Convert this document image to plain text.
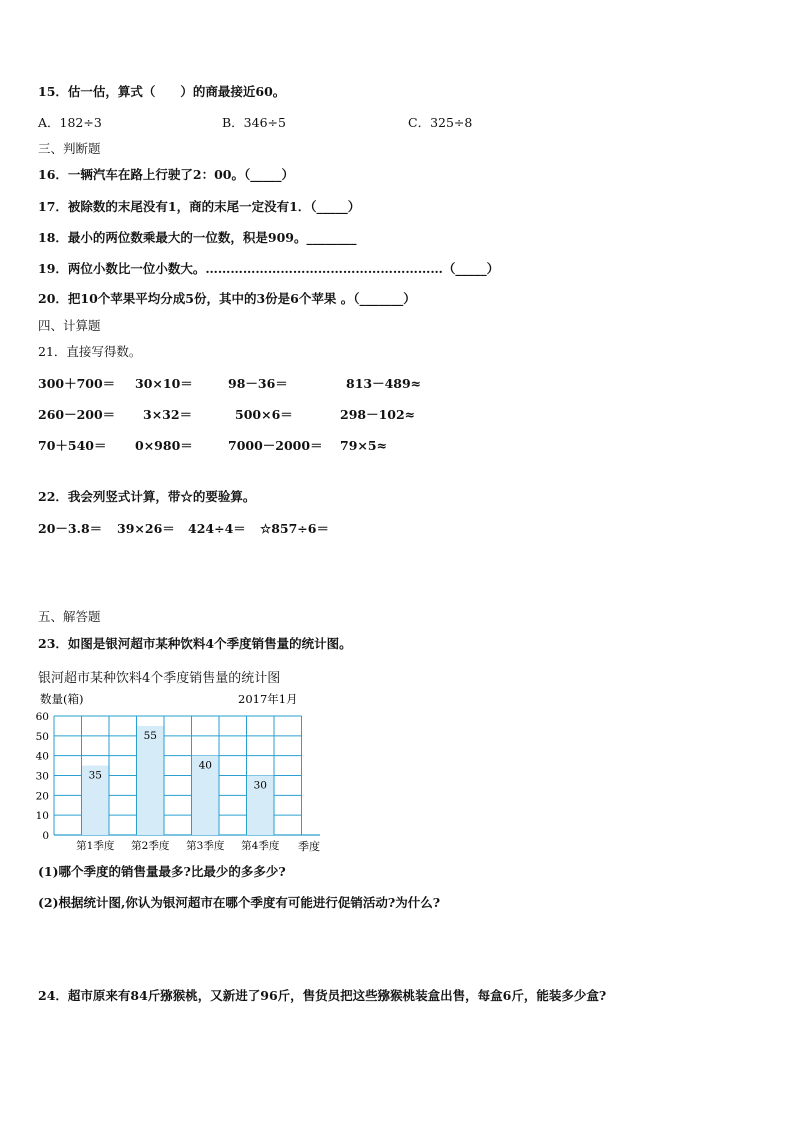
15．估一估，算式（　　）的商最接近60。
A．182÷3	B．346÷5	C．325÷8
三、判断题
16．一辆汽车在路上行驶了2：00。（_____）
17．被除数的末尾没有1，商的末尾一定没有1．（_____）
18．最小的两位数乘最大的一位数，积是909。________
19．两位小数比一位小数大。…………………………………………………（_____）
20．把10个苹果平均分成5份，其中的3份是6个苹果 。（_______）
四、计算题
21．直接写得数。
300＋700＝ 30×10＝	98－36＝	813－489≈
260－200＝ 3×32＝	500×6＝	298－102≈
70＋540＝ 0×980＝	7000－2000＝ 79×5≈
22．我会列竖式计算，带☆的要验算。
20－3.8＝ 39×26＝ 424÷4＝ ☆857÷6＝
五、解答题
23．如图是银河超市某种饮料4个季度销售量的统计图。
银河超市某种饮料4个季度销售量的统计图
数量(箱)	2017年1月
0
10
20
30
40
50
60
35
第1季度
55
第2季度
40
第3季度
30
第4季度 季度
(1)哪个季度的销售量最多?比最少的多多少?
(2)根据统计图,你认为银河超市在哪个季度有可能进行促销活动?为什么?
24．超市原来有84斤猕猴桃，又新进了96斤，售货员把这些猕猴桃装盒出售，每盒6斤，能装多少盒?
